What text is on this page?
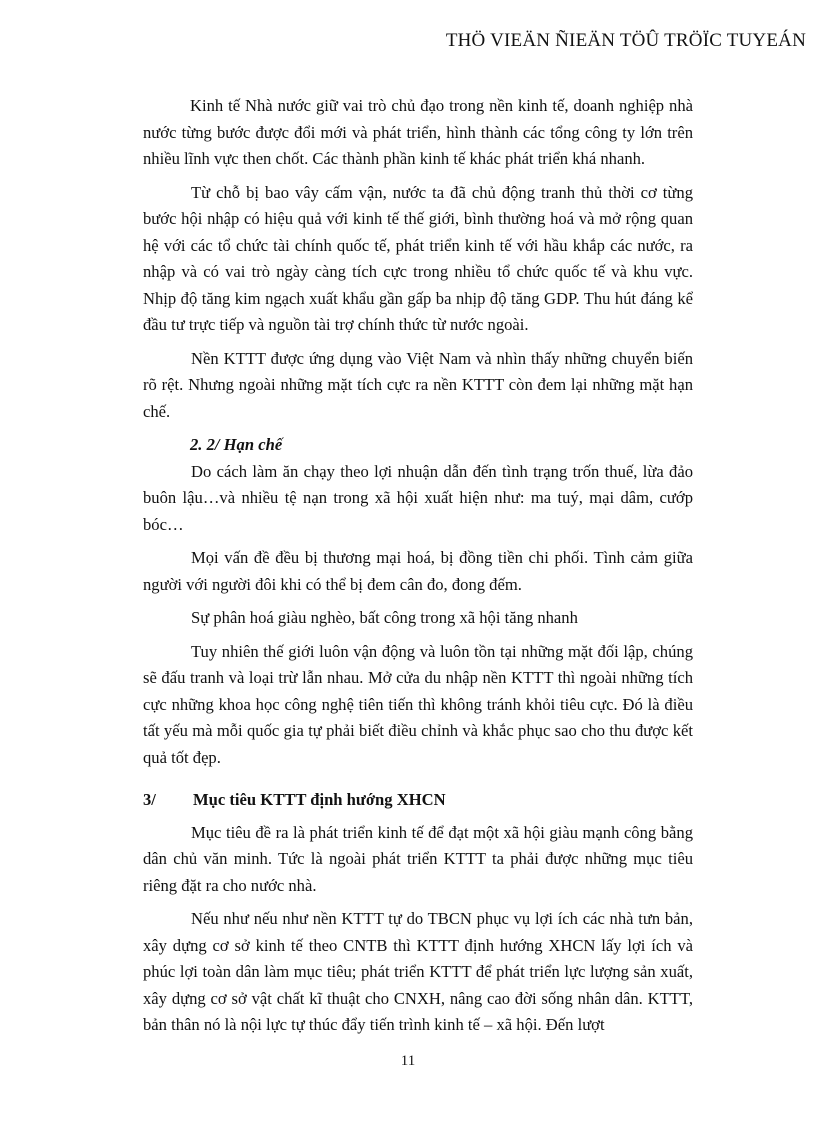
THÖ VIEÄN ÑIEÄN TÖÛ TRÖÏC TUYEÁN

Kinh tế Nhà nước giữ vai trò chủ đạo trong nền kinh tế, doanh nghiệp nhà nước từng bước được đổi mới và phát triển, hình thành các tổng công ty lớn trên nhiều lĩnh vực then chốt. Các thành phần kinh tế khác phát triển khá nhanh.

Từ chỗ bị bao vây cấm vận, nước ta đã chủ động tranh thủ thời cơ từng bước hội nhập có hiệu quả với kinh tế thế giới, bình thường hoá và mở rộng quan hệ với các tổ chức tài chính quốc tế, phát triển kinh tế với hầu khắp các nước, ra nhập và có vai trò ngày càng tích cực trong nhiều tổ chức quốc tế và khu vực. Nhịp độ tăng kim ngạch xuất khẩu gần gấp ba nhịp độ tăng GDP. Thu hút đáng kể đầu tư trực tiếp và nguồn tài trợ chính thức từ nước ngoài.

Nền KTTT được ứng dụng vào Việt Nam và nhìn thấy những chuyển biến rõ rệt. Nhưng ngoài những mặt tích cực ra nền KTTT còn đem lại những mặt hạn chế.

2. 2/ Hạn chế

Do cách làm ăn chạy theo lợi nhuận dẫn đến tình trạng trốn thuế, lừa đảo buôn lậu…và nhiều tệ nạn trong xã hội xuất hiện như: ma tuý, mại dâm, cướp bóc…

Mọi vấn đề đều bị thương mại hoá, bị đồng tiền chi phối. Tình cảm giữa người với người đôi khi có thể bị đem cân đo, đong đếm.

Sự phân hoá giàu nghèo, bất công trong xã hội tăng nhanh

Tuy nhiên thế giới luôn vận động và luôn tồn tại những mặt đối lập, chúng sẽ đấu tranh và loại trừ lẫn nhau. Mở cửa du nhập nền KTTT thì ngoài những tích cực những khoa học công nghệ tiên tiến thì không tránh khỏi tiêu cực. Đó là điều tất yếu mà mỗi quốc gia tự phải biết điều chỉnh và khắc phục sao cho thu được kết quả tốt đẹp.

3/	Mục tiêu KTTT định hướng XHCN

Mục tiêu đề ra là phát triển kinh tế để đạt một xã hội giàu mạnh công bằng dân chủ văn minh. Tức là ngoài phát triển KTTT ta phải được những mục tiêu riêng đặt ra cho nước nhà.

Nếu như nếu như nền KTTT tự do TBCN phục vụ lợi ích các nhà tưn bản, xây dựng cơ sở kinh tế theo CNTB thì KTTT định hướng XHCN lấy lợi ích và phúc lợi toàn dân làm mục tiêu; phát triển KTTT để phát triển lực lượng sản xuất, xây dựng cơ sở vật chất kĩ thuật cho CNXH, nâng cao đời sống nhân dân. KTTT, bản thân nó là nội lực tự thúc đẩy tiến trình kinh tế – xã hội. Đến lượt

11
